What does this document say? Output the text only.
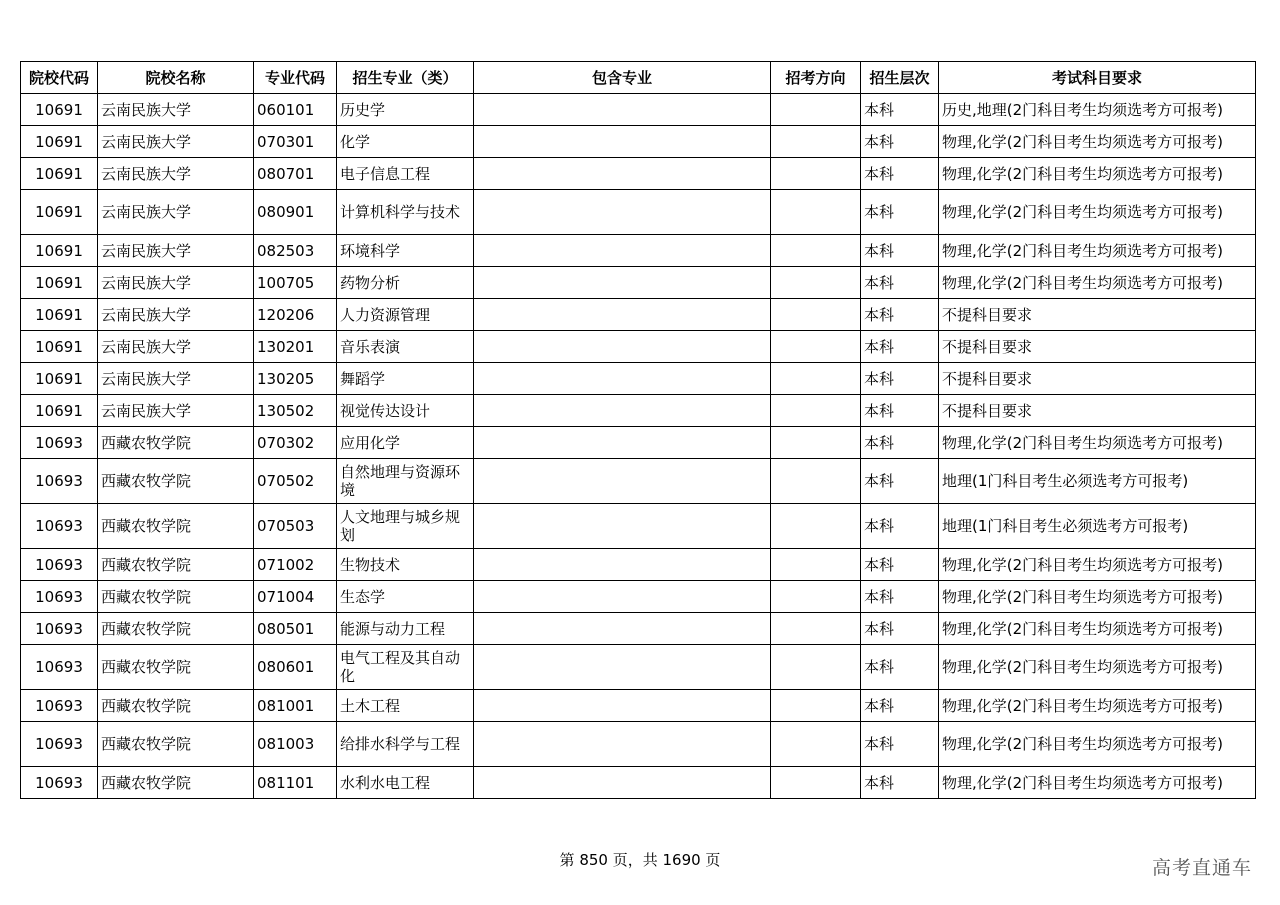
院校代码	院校名称	专业代码	招生专业（类）	包含专业	招考方向	招生层次	考试科目要求
10691	云南民族大学	060101	历史学			本科	历史,地理(2门科目考生均须选考方可报考)
10691	云南民族大学	070301	化学			本科	物理,化学(2门科目考生均须选考方可报考)
10691	云南民族大学	080701	电子信息工程			本科	物理,化学(2门科目考生均须选考方可报考)
10691	云南民族大学	080901	计算机科学与技术			本科	物理,化学(2门科目考生均须选考方可报考)
10691	云南民族大学	082503	环境科学			本科	物理,化学(2门科目考生均须选考方可报考)
10691	云南民族大学	100705	药物分析			本科	物理,化学(2门科目考生均须选考方可报考)
10691	云南民族大学	120206	人力资源管理			本科	不提科目要求
10691	云南民族大学	130201	音乐表演			本科	不提科目要求
10691	云南民族大学	130205	舞蹈学			本科	不提科目要求
10691	云南民族大学	130502	视觉传达设计			本科	不提科目要求
10693	西藏农牧学院	070302	应用化学			本科	物理,化学(2门科目考生均须选考方可报考)
10693	西藏农牧学院	070502	自然地理与资源环境			本科	地理(1门科目考生必须选考方可报考)
10693	西藏农牧学院	070503	人文地理与城乡规划			本科	地理(1门科目考生必须选考方可报考)
10693	西藏农牧学院	071002	生物技术			本科	物理,化学(2门科目考生均须选考方可报考)
10693	西藏农牧学院	071004	生态学			本科	物理,化学(2门科目考生均须选考方可报考)
10693	西藏农牧学院	080501	能源与动力工程			本科	物理,化学(2门科目考生均须选考方可报考)
10693	西藏农牧学院	080601	电气工程及其自动化			本科	物理,化学(2门科目考生均须选考方可报考)
10693	西藏农牧学院	081001	土木工程			本科	物理,化学(2门科目考生均须选考方可报考)
10693	西藏农牧学院	081003	给排水科学与工程			本科	物理,化学(2门科目考生均须选考方可报考)
10693	西藏农牧学院	081101	水利水电工程			本科	物理,化学(2门科目考生均须选考方可报考)
第 850 页，共 1690 页	高考直通车
